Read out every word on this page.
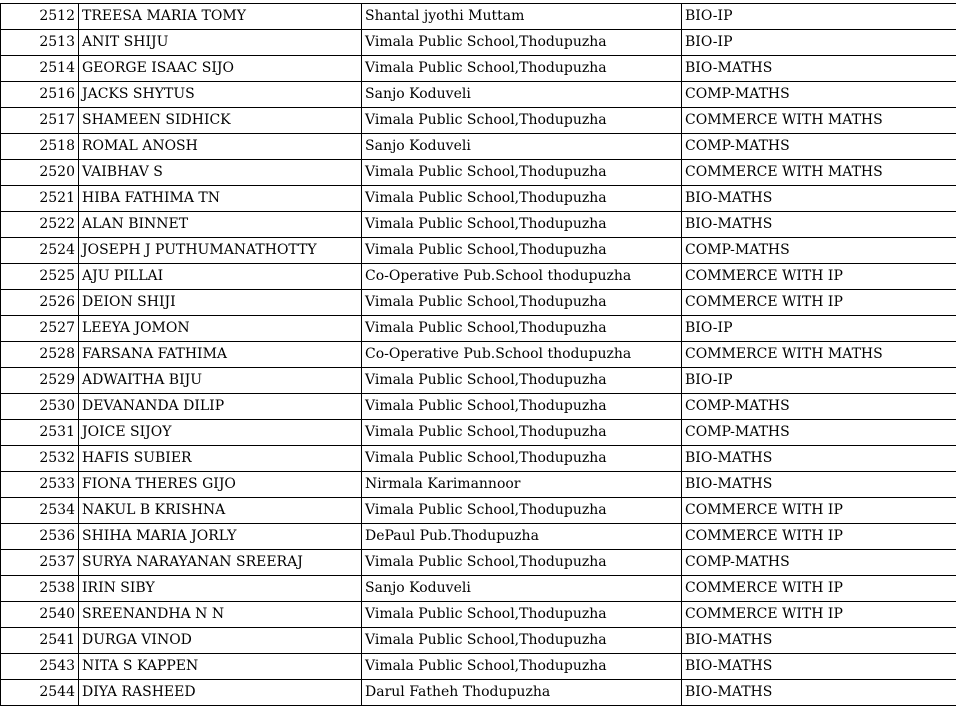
2512	TREESA MARIA TOMY	Shantal jyothi Muttam	BIO-IP
2513	ANIT SHIJU	Vimala Public School,Thodupuzha	BIO-IP
2514	GEORGE ISAAC SIJO	Vimala Public School,Thodupuzha	BIO-MATHS
2516	JACKS SHYTUS	Sanjo Koduveli	COMP-MATHS
2517	SHAMEEN SIDHICK	Vimala Public School,Thodupuzha	COMMERCE WITH MATHS
2518	ROMAL ANOSH	Sanjo Koduveli	COMP-MATHS
2520	VAIBHAV S	Vimala Public School,Thodupuzha	COMMERCE WITH MATHS
2521	HIBA FATHIMA TN	Vimala Public School,Thodupuzha	BIO-MATHS
2522	ALAN BINNET	Vimala Public School,Thodupuzha	BIO-MATHS
2524	JOSEPH J PUTHUMANATHOTTY	Vimala Public School,Thodupuzha	COMP-MATHS
2525	AJU PILLAI	Co-Operative Pub.School thodupuzha	COMMERCE WITH IP
2526	DEION SHIJI	Vimala Public School,Thodupuzha	COMMERCE WITH IP
2527	LEEYA JOMON	Vimala Public School,Thodupuzha	BIO-IP
2528	FARSANA FATHIMA	Co-Operative Pub.School thodupuzha	COMMERCE WITH MATHS
2529	ADWAITHA BIJU	Vimala Public School,Thodupuzha	BIO-IP
2530	DEVANANDA DILIP	Vimala Public School,Thodupuzha	COMP-MATHS
2531	JOICE SIJOY	Vimala Public School,Thodupuzha	COMP-MATHS
2532	HAFIS SUBIER	Vimala Public School,Thodupuzha	BIO-MATHS
2533	FIONA THERES GIJO	Nirmala Karimannoor	BIO-MATHS
2534	NAKUL B KRISHNA	Vimala Public School,Thodupuzha	COMMERCE WITH IP
2536	SHIHA MARIA JORLY	DePaul Pub.Thodupuzha	COMMERCE WITH IP
2537	SURYA NARAYANAN SREERAJ	Vimala Public School,Thodupuzha	COMP-MATHS
2538	IRIN SIBY	Sanjo Koduveli	COMMERCE WITH IP
2540	SREENANDHA N N	Vimala Public School,Thodupuzha	COMMERCE WITH IP
2541	DURGA VINOD	Vimala Public School,Thodupuzha	BIO-MATHS
2543	NITA S KAPPEN	Vimala Public School,Thodupuzha	BIO-MATHS
2544	DIYA RASHEED	Darul Fatheh Thodupuzha	BIO-MATHS
